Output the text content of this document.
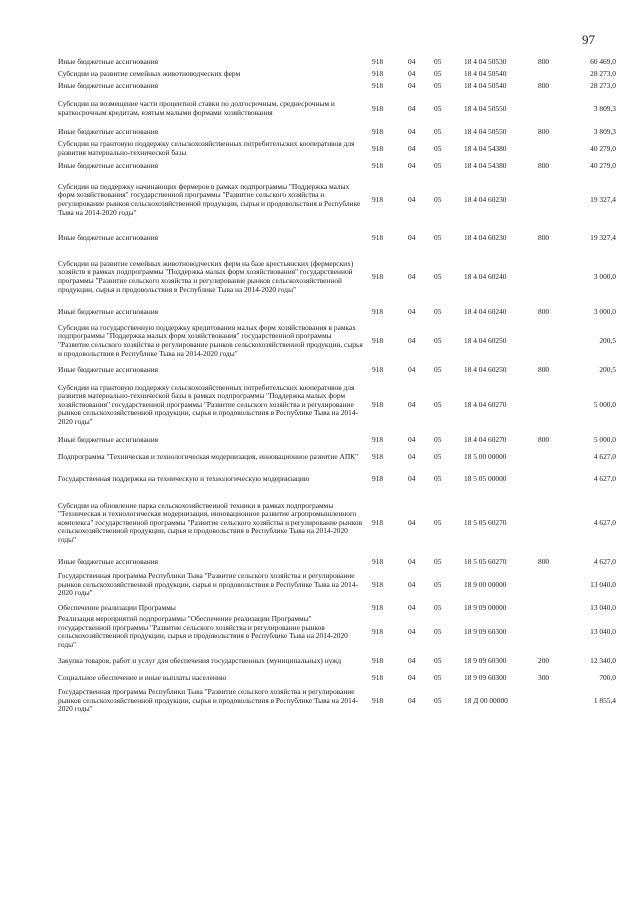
97
Иные бюджетные ассигнования	918	04	05	18 4 04 50530	800	60 469,0
Субсидии на развитие семейных животноводческих ферм	918	04	05	18 4 04 50540		28 273,0
Иные бюджетные ассигнования	918	04	05	18 4 04 50540	800	28 273,0
Субсидии на возмещение части процентной ставки по долгосрочным, среднесрочным и краткосрочным кредитам, взятым малыми формами хозяйствования	918	04	05	18 4 04 50550		3 809,3
Иные бюджетные ассигнования	918	04	05	18 4 04 50550	800	3 809,3
Субсидии на грантовую поддержку сельскохозяйственных потребительских кооперативов для развития материально-технической базы	918	04	05	18 4 04 54380		40 279,0
Иные бюджетные ассигнования	918	04	05	18 4 04 54380	800	40 279,0
Субсидии на поддержку начинающих фермеров в рамках подпрограммы "Поддержка малых форм хозяйствования" государственной программы "Развитие сельского хозяйства и регулирование рынков сельскохозяйственной продукции, сырья и продовольствия в Республике Тыва на 2014-2020 годы"	918	04	05	18 4 04 60230		19 327,4
Иные бюджетные ассигнования	918	04	05	18 4 04 60230	800	19 327,4
Субсидии на развитие семейных животноводческих ферм на базе крестьянских (фермерских) хозяйств в рамках подпрограммы "Поддержка малых форм хозяйствования" государственной программы "Развитие сельского хозяйства и регулирование рынков сельскохозяйственной продукции, сырья и продовольствия в Республике Тыва на 2014-2020 годы"	918	04	05	18 4 04 60240		3 000,0
Иные бюджетные ассигнования	918	04	05	18 4 04 60240	800	3 000,0
Субсидии на государственную поддержку кредитования малых форм хозяйствования в рамках подпрограммы "Поддержка малых форм хозяйствования" государственной программы "Развитие сельского хозяйства и регулирование рынков сельскохозяйственной продукции, сырья и продовольствия в Республике Тыва на 2014-2020 годы"	918	04	05	18 4 04 60250		200,5
Иные бюджетные ассигнования	918	04	05	18 4 04 60250	800	200,5
Субсидии на грантовую поддержку сельскохозяйственных потребительских кооперативов для развития материально-технической базы в рамках подпрограммы "Поддержка малых форм хозяйствования" государственной программы "Развитие сельского хозяйства и регулирование рынков сельскохозяйственной продукции, сырья и продовольствия в Республике Тыва на 2014-2020 годы"	918	04	05	18 4 04 60270		5 000,0
Иные бюджетные ассигнования	918	04	05	18 4 04 60270	800	5 000,0
Подпрограмма "Техническая и технологическая модернизация, инновационное развитие АПК"	918	04	05	18 5 00 00000		4 627,0
Государственная поддержка на техническую и технологическую модернизацию	918	04	05	18 5 05 00000		4 627,0
Субсидии на обновление парка сельскохозяйственной техники в рамках подпрограммы "Техническая и технологическая модернизация, инновационное развитие агропромышленного комплекса" государственной программы "Развитие сельского хозяйства и регулирование рынков сельскохозяйственной продукции, сырья и продовольствия в Республике Тыва на 2014-2020 годы"	918	04	05	18 5 05 60270		4 627,0
Иные бюджетные ассигнования	918	04	05	18 5 05 60270	800	4 627,0
Государственная программа Республики Тыва "Развитие сельского хозяйства и регулирование рынков сельскохозяйственной продукции, сырья и продовольствия в Республике Тыва на 2014-2020 годы"	918	04	05	18 9 00 00000		13 040,0
Обеспечение реализации Программы	918	04	05	18 9 09 00000		13 040,0
Реализация мероприятий подпрограммы "Обеспечение реализации Программы" государственной программы "Развитие сельского хозяйства и регулирование рынков сельскохозяйственной продукции, сырья и продовольствия в Республике Тыва на 2014-2020 годы"	918	04	05	18 9 09 60300		13 040,0
Закупка товаров, работ и услуг для обеспечения государственных (муниципальных) нужд	918	04	05	18 9 09 60300	200	12 340,0
Социальное обеспечение и иные выплаты населению	918	04	05	18 9 09 60300	300	700,0
Государственная программа Республики Тыва "Развитие сельского хозяйства и регулирование рынков сельскохозяйственной продукции, сырья и продовольствия в Республике Тыва на 2014-2020 годы"	918	04	05	18 Д 00 00000		1 855,4
